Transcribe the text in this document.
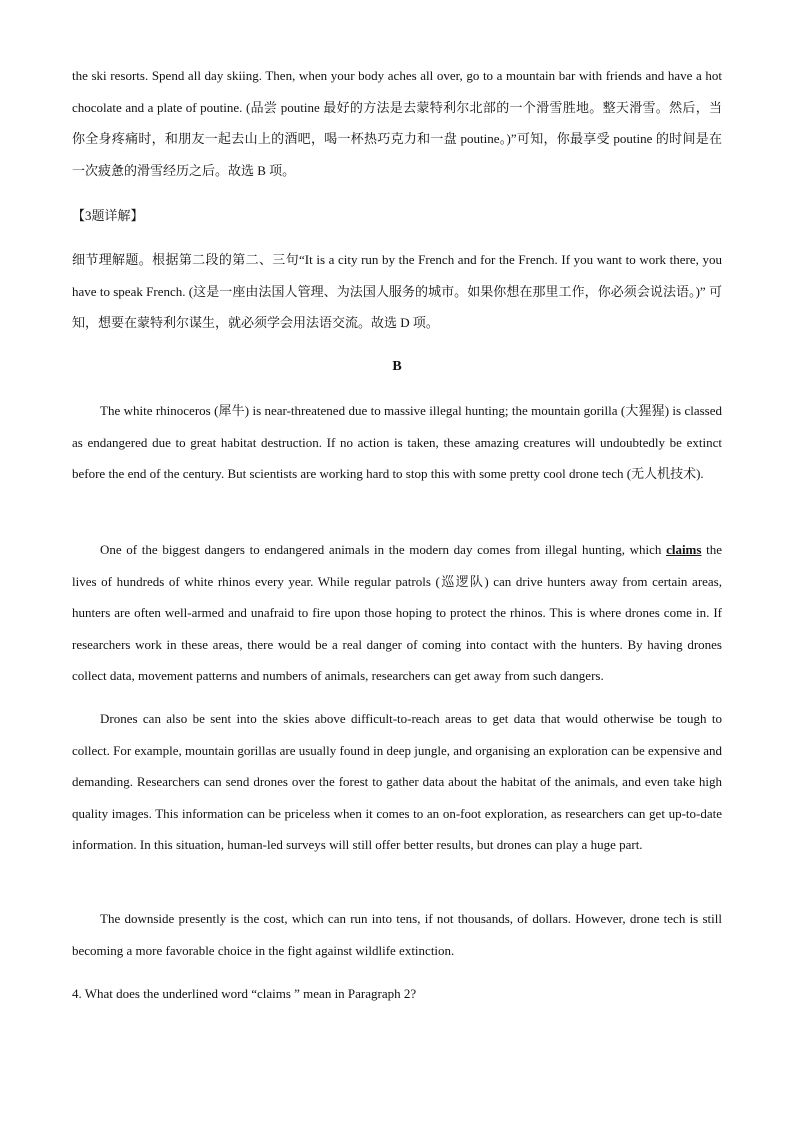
the ski resorts. Spend all day skiing. Then, when your body aches all over, go to a mountain bar with friends and have a hot chocolate and a plate of poutine. (品尝 poutine 最好的方法是去蒙特利尔北部的一个滑雪胜地。整天滑雪。然后，当你全身疼痛时，和朋友一起去山上的酒吧，喝一杯热巧克力和一盘 poutine。)”可知，你最享受 poutine 的时间是在一次疲惫的滑雪经历之后。故选 B 项。
【3题详解】
细节理解题。根据第二段的第二、三句“It is a city run by the French and for the French. If you want to work there, you have to speak French. (这是一座由法国人管理、为法国人服务的城市。如果你想在那里工作，你必须会说法语。)” 可知，想要在蒙特利尔谋生，就必须学会用法语交流。故选 D 项。
B
The white rhinoceros (犀牛) is near-threatened due to massive illegal hunting; the mountain gorilla (大猩猩) is classed as endangered due to great habitat destruction. If no action is taken, these amazing creatures will undoubtedly be extinct before the end of the century. But scientists are working hard to stop this with some pretty cool drone tech (无人机技术).
One of the biggest dangers to endangered animals in the modern day comes from illegal hunting, which claims the lives of hundreds of white rhinos every year. While regular patrols (巡逻队) can drive hunters away from certain areas, hunters are often well-armed and unafraid to fire upon those hoping to protect the rhinos. This is where drones come in. If researchers work in these areas, there would be a real danger of coming into contact with the hunters. By having drones collect data, movement patterns and numbers of animals, researchers can get away from such dangers.
Drones can also be sent into the skies above difficult-to-reach areas to get data that would otherwise be tough to collect. For example, mountain gorillas are usually found in deep jungle, and organising an exploration can be expensive and demanding. Researchers can send drones over the forest to gather data about the habitat of the animals, and even take high quality images. This information can be priceless when it comes to an on-foot exploration, as researchers can get up-to-date information. In this situation, human-led surveys will still offer better results, but drones can play a huge part.
The downside presently is the cost, which can run into tens, if not thousands, of dollars. However, drone tech is still becoming a more favorable choice in the fight against wildlife extinction.
4. What does the underlined word “claims ” mean in Paragraph 2?
